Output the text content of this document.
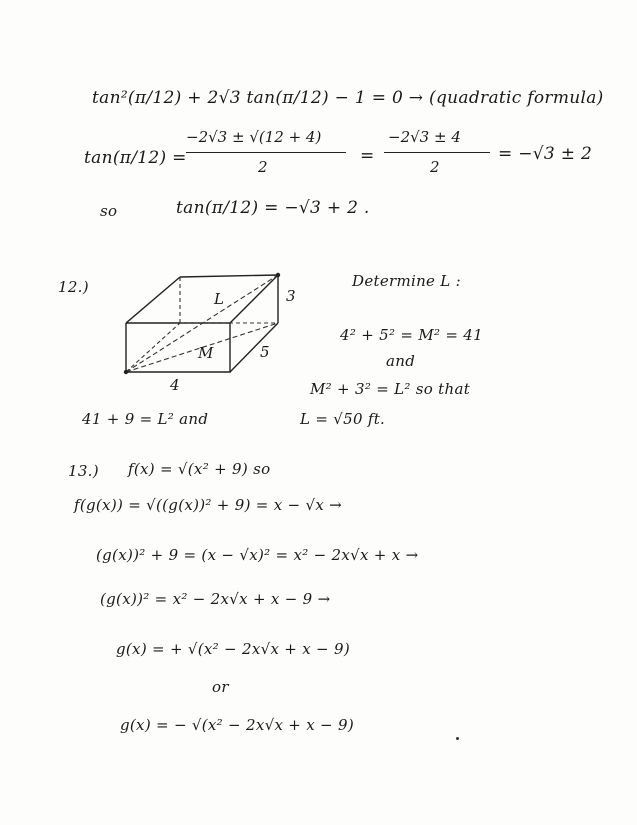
tan²(π/12) + 2√3 tan(π/12) − 1 = 0 → (quadratic formula)
tan(π/12) =
−2√3 ± √(12 + 4)
2
=
−2√3 ± 4
2
= −√3 ± 2
so	tan(π/12) = −√3 + 2 .
12.)	Determine L :
L
M
3
4
5
4² + 5² = M² = 41
and
M² + 3² = L² so that
41 + 9 = L² and	L = √50 ft.
13.) f(x) = √(x² + 9) so
f(g(x)) = √((g(x))² + 9) = x − √x →
(g(x))² + 9 = (x − √x)² = x² − 2x√x + x →
(g(x))² = x² − 2x√x + x − 9 →
g(x) = + √(x² − 2x√x + x − 9)
or
g(x) = − √(x² − 2x√x + x − 9)
